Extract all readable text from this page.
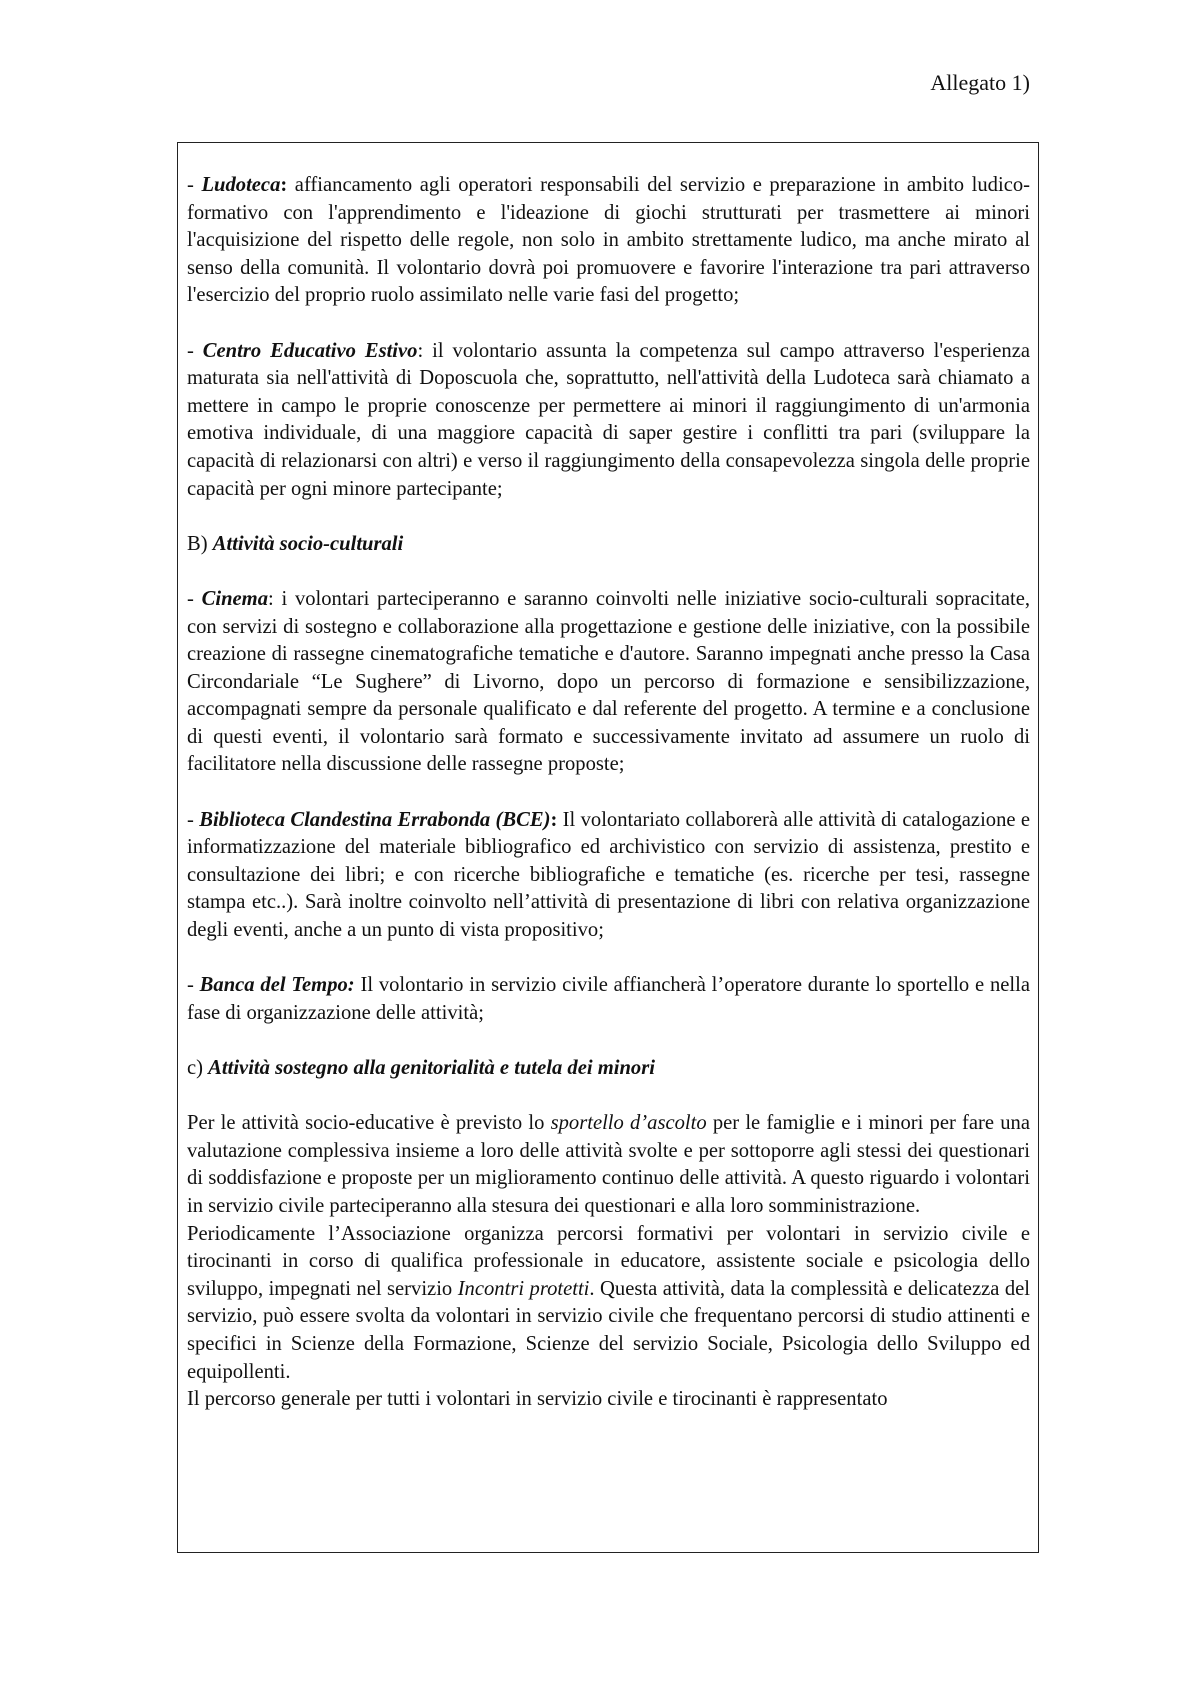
Allegato 1)

- Ludoteca: affiancamento agli operatori responsabili del servizio e preparazione in ambito ludico-formativo con l'apprendimento e l'ideazione di giochi strutturati per trasmettere ai minori l'acquisizione del rispetto delle regole, non solo in ambito strettamente ludico, ma anche mirato al senso della comunità. Il volontario dovrà poi promuovere e favorire l'interazione tra pari attraverso l'esercizio del proprio ruolo assimilato nelle varie fasi del progetto;

- Centro Educativo Estivo: il volontario assunta la competenza sul campo attraverso l'esperienza maturata sia nell'attività di Doposcuola che, soprattutto, nell'attività della Ludoteca sarà chiamato a mettere in campo le proprie conoscenze per permettere ai minori il raggiungimento di un'armonia emotiva individuale, di una maggiore capacità di saper gestire i conflitti tra pari (sviluppare la capacità di relazionarsi con altri) e verso il raggiungimento della consapevolezza singola delle proprie capacità per ogni minore partecipante;

B) Attività socio-culturali

- Cinema: i volontari parteciperanno e saranno coinvolti nelle iniziative socio-culturali sopracitate, con servizi di sostegno e collaborazione alla progettazione e gestione delle iniziative, con la possibile creazione di rassegne cinematografiche tematiche e d'autore. Saranno impegnati anche presso la Casa Circondariale “Le Sughere” di Livorno, dopo un percorso di formazione e sensibilizzazione, accompagnati sempre da personale qualificato e dal referente del progetto. A termine e a conclusione di questi eventi, il volontario sarà formato e successivamente invitato ad assumere un ruolo di facilitatore nella discussione delle rassegne proposte;

- Biblioteca Clandestina Errabonda (BCE): Il volontariato collaborerà alle attività di catalogazione e informatizzazione del materiale bibliografico ed archivistico con servizio di assistenza, prestito e consultazione dei libri; e con ricerche bibliografiche e tematiche (es. ricerche per tesi, rassegne stampa etc..). Sarà inoltre coinvolto nell’attività di presentazione di libri con relativa organizzazione degli eventi, anche a un punto di vista propositivo;

- Banca del Tempo: Il volontario in servizio civile affiancherà l’operatore durante lo sportello e nella fase di organizzazione delle attività;

c) Attività sostegno alla genitorialità e tutela dei minori

Per le attività socio-educative è previsto lo sportello d’ascolto per le famiglie e i minori per fare una valutazione complessiva insieme a loro delle attività svolte e per sottoporre agli stessi dei questionari di soddisfazione e proposte per un miglioramento continuo delle attività. A questo riguardo i volontari in servizio civile parteciperanno alla stesura dei questionari e alla loro somministrazione.

Periodicamente l’Associazione organizza percorsi formativi per volontari in servizio civile e tirocinanti in corso di qualifica professionale in educatore, assistente sociale e psicologia dello sviluppo, impegnati nel servizio Incontri protetti. Questa attività, data la complessità e delicatezza del servizio, può essere svolta da volontari in servizio civile che frequentano percorsi di studio attinenti e specifici in Scienze della Formazione, Scienze del servizio Sociale, Psicologia dello Sviluppo ed equipollenti.

Il percorso generale per tutti i volontari in servizio civile e tirocinanti è rappresentato
